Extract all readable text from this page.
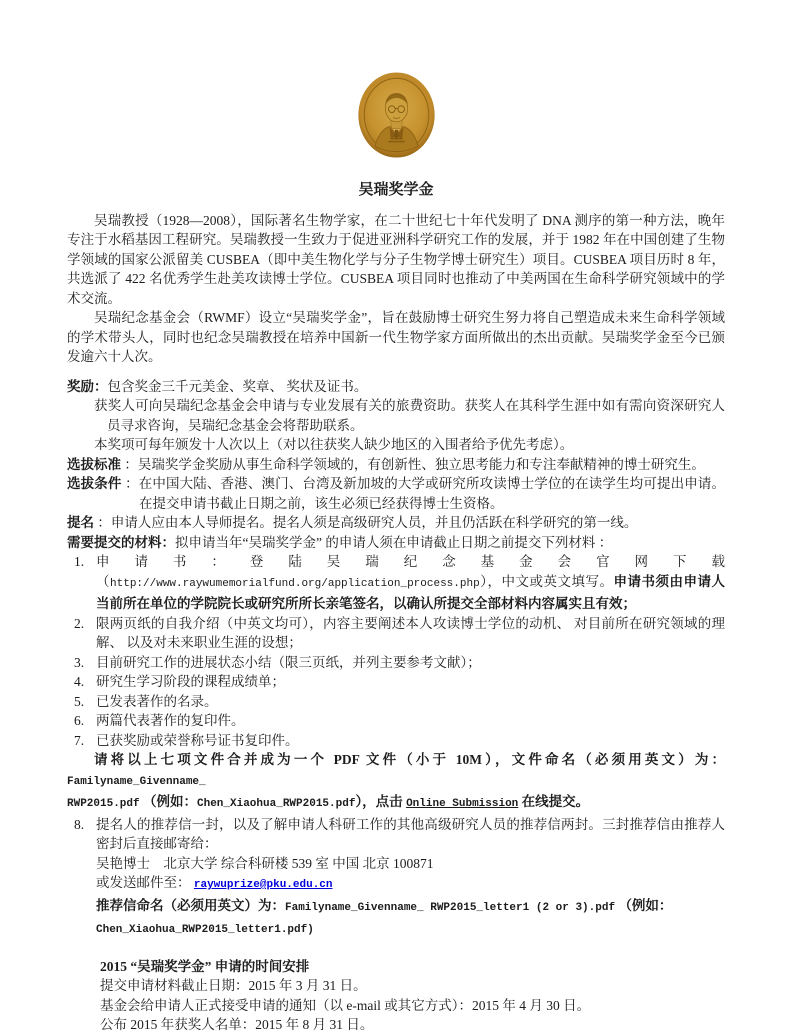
吴瑞奖学金

吴瑞教授（1928—2008），国际著名生物学家，在二十世纪七十年代发明了 DNA 测序的第一种方法，晚年专注于水稻基因工程研究。吴瑞教授一生致力于促进亚洲科学研究工作的发展，并于 1982 年在中国创建了生物学领域的国家公派留美 CUSBEA（即中美生物化学与分子生物学博士研究生）项目。CUSBEA 项目历时 8 年，共选派了 422 名优秀学生赴美攻读博士学位。CUSBEA 项目同时也推动了中美两国在生命科学研究领域中的学术交流。

吴瑞纪念基金会（RWMF）设立“吴瑞奖学金”，旨在鼓励博士研究生努力将自己塑造成未来生命科学领域的学术带头人，同时也纪念吴瑞教授在培养中国新一代生物学家方面所做出的杰出贡献。吴瑞奖学金至今已颁发逾六十人次。

奖励：包含奖金三千元美金、奖章、 奖状及证书。

获奖人可向吴瑞纪念基金会申请与专业发展有关的旅费资助。获奖人在其科学生涯中如有需向资深研究人员寻求咨询，吴瑞纪念基金会将帮助联系。

本奖项可每年颁发十人次以上（对以往获奖人缺少地区的入围者给予优先考虑）。

选拔标准 ：吴瑞奖学金奖励从事生命科学领域的，有创新性、独立思考能力和专注奉献精神的博士研究生。

选拔条件 ：在中国大陆、香港、澳门、台湾及新加坡的大学或研究所攻读博士学位的在读学生均可提出申请。在提交申请书截止日期之前，该生必须已经获得博士生资格。

提名 ：申请人应由本人导师提名。提名人须是高级研究人员，并且仍活跃在科学研究的第一线。

需要提交的材料：拟申请当年“吴瑞奖学金” 的申请人须在申请截止日期之前提交下列材料 ：

1. 申请书：登陆吴瑞纪念基金会官网下载（http://www.raywumemorialfund.org/application_process.php），中文或英文填写。申请书须由申请人当前所在单位的学院院长或研究所所长亲笔签名，以确认所提交全部材料内容属实且有效；
2. 限两页纸的自我介绍（中英文均可），内容主要阐述本人攻读博士学位的动机、 对目前所在研究领域的理解、 以及对未来职业生涯的设想；
3. 目前研究工作的进展状态小结（限三页纸，并列主要参考文献）；
4. 研究生学习阶段的课程成绩单；
5. 已发表著作的名录。
6. 两篇代表著作的复印件。
7. 已获奖励或荣誉称号证书复印件。

请将以上七项文件合并成为一个 PDF 文件（小于 10M），文件命名（必须用英文）为：Familyname_Givenname_

RWP2015.pdf （例如：Chen_Xiaohua_RWP2015.pdf），点击 Online Submission 在线提交。

8. 提名人的推荐信一封，以及了解申请人科研工作的其他高级研究人员的推荐信两封。三封推荐信由推荐人密封后直接邮寄给：

吴艳博士　北京大学 综合科研楼 539 室 中国 北京 100871

或发送邮件至： raywuprize@pku.edu.cn

推荐信命名（必须用英文）为：Familyname_Givenname_ RWP2015_letter1 (2 or 3).pdf （例如：

Chen_Xiaohua_RWP2015_letter1.pdf)

2015 “吴瑞奖学金” 申请的时间安排

提交申请材料截止日期：2015 年 3 月 31 日。

基金会给申请人正式接受申请的通知（以 e-mail 或其它方式）：2015 年 4 月 30 日。

公布 2015 年获奖人名单：2015 年 8 月 31 日。
